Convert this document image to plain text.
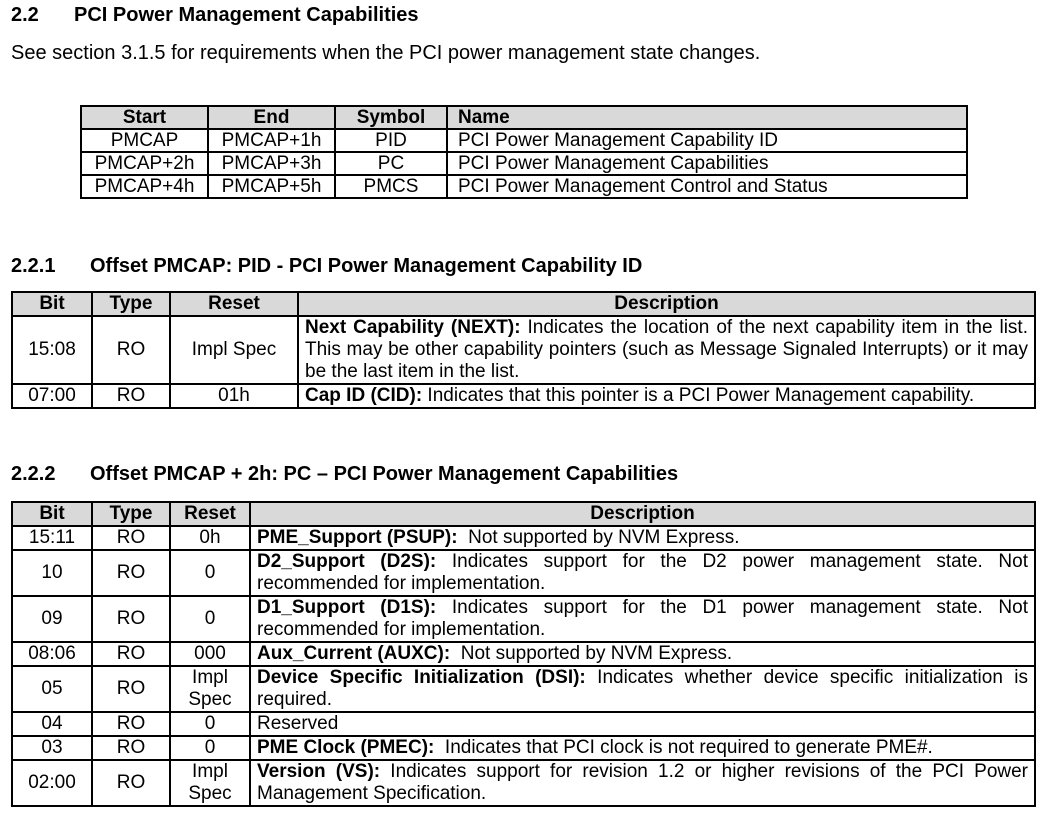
2.2 PCI Power Management Capabilities
See section 3.1.5 for requirements when the PCI power management state changes.
Start	End	Symbol	Name
PMCAP	PMCAP+1h	PID	PCI Power Management Capability ID
PMCAP+2h	PMCAP+3h	PC	PCI Power Management Capabilities
PMCAP+4h	PMCAP+5h	PMCS	PCI Power Management Control and Status
2.2.1 Offset PMCAP: PID - PCI Power Management Capability ID
Bit	Type	Reset	Description
15:08	RO	Impl Spec	Next Capability (NEXT): Indicates the location of the next capability item in the list. This may be other capability pointers (such as Message Signaled Interrupts) or it may be the last item in the list.
07:00	RO	01h	Cap ID (CID): Indicates that this pointer is a PCI Power Management capability.
2.2.2 Offset PMCAP + 2h: PC – PCI Power Management Capabilities
Bit	Type	Reset	Description
15:11	RO	0h	PME_Support (PSUP):  Not supported by NVM Express.
10	RO	0	D2_Support (D2S): Indicates support for the D2 power management state. Not recommended for implementation.
09	RO	0	D1_Support (D1S): Indicates support for the D1 power management state. Not recommended for implementation.
08:06	RO	000	Aux_Current (AUXC):  Not supported by NVM Express.
05	RO	Impl Spec	Device Specific Initialization (DSI): Indicates whether device specific initialization is required.
04	RO	0	Reserved
03	RO	0	PME Clock (PMEC):  Indicates that PCI clock is not required to generate PME#.
02:00	RO	Impl Spec	Version (VS): Indicates support for revision 1.2 or higher revisions of the PCI Power Management Specification.
